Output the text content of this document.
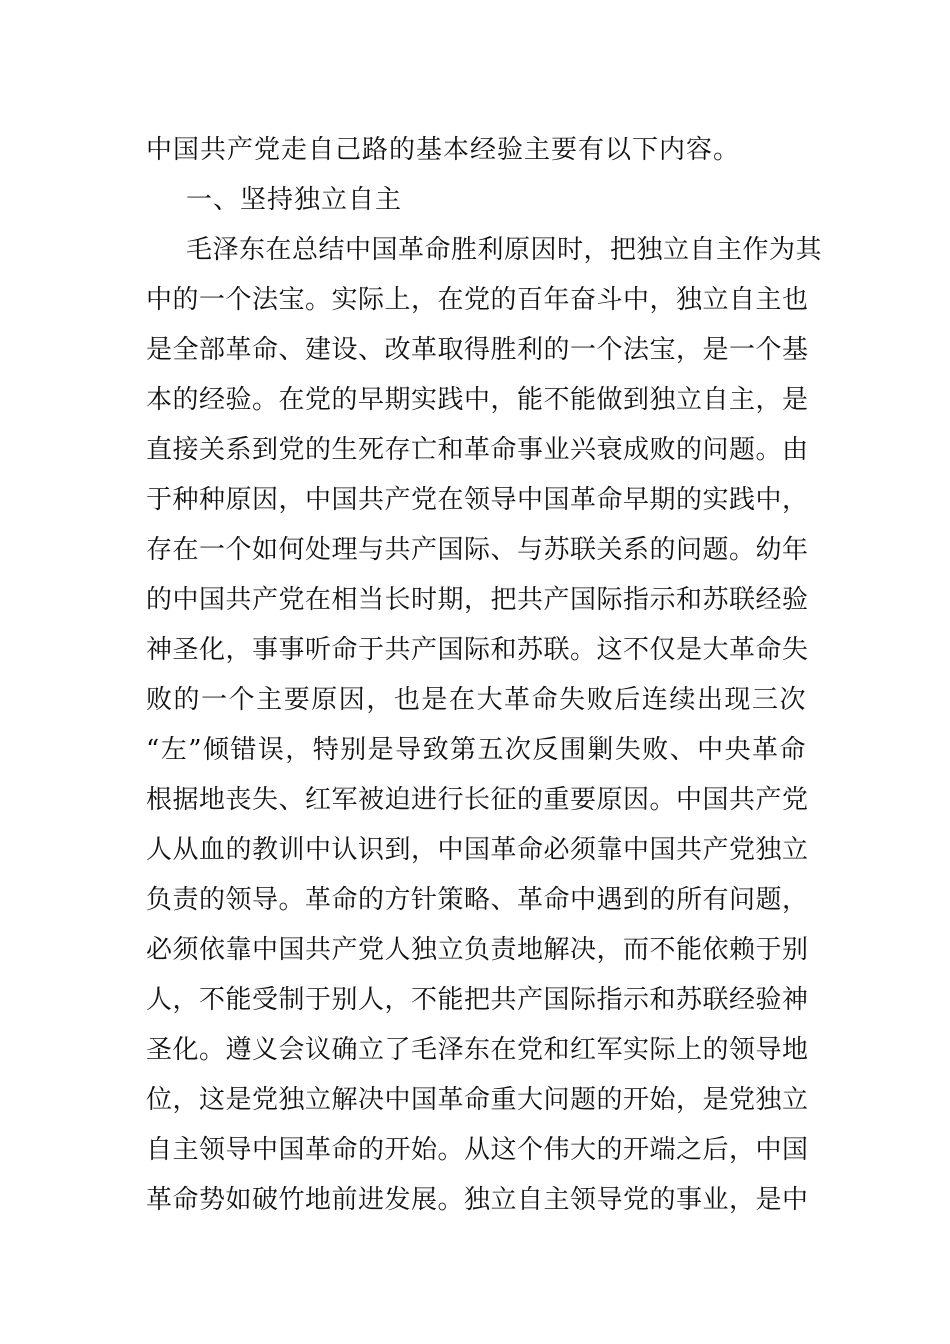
中国共产党走自己路的基本经验主要有以下内容。
一、坚持独立自主
毛泽东在总结中国革命胜利原因时，把独立自主作为其
中的一个法宝。实际上，在党的百年奋斗中，独立自主也
是全部革命、建设、改革取得胜利的一个法宝，是一个基
本的经验。在党的早期实践中，能不能做到独立自主，是
直接关系到党的生死存亡和革命事业兴衰成败的问题。由
于种种原因，中国共产党在领导中国革命早期的实践中，
存在一个如何处理与共产国际、与苏联关系的问题。幼年
的中国共产党在相当长时期，把共产国际指示和苏联经验
神圣化，事事听命于共产国际和苏联。这不仅是大革命失
败的一个主要原因，也是在大革命失败后连续出现三次
“左”倾错误，特别是导致第五次反围剿失败、中央革命
根据地丧失、红军被迫进行长征的重要原因。中国共产党
人从血的教训中认识到，中国革命必须靠中国共产党独立
负责的领导。革命的方针策略、革命中遇到的所有问题，
必须依靠中国共产党人独立负责地解决，而不能依赖于别
人，不能受制于别人，不能把共产国际指示和苏联经验神
圣化。遵义会议确立了毛泽东在党和红军实际上的领导地
位，这是党独立解决中国革命重大问题的开始，是党独立
自主领导中国革命的开始。从这个伟大的开端之后，中国
革命势如破竹地前进发展。独立自主领导党的事业，是中
